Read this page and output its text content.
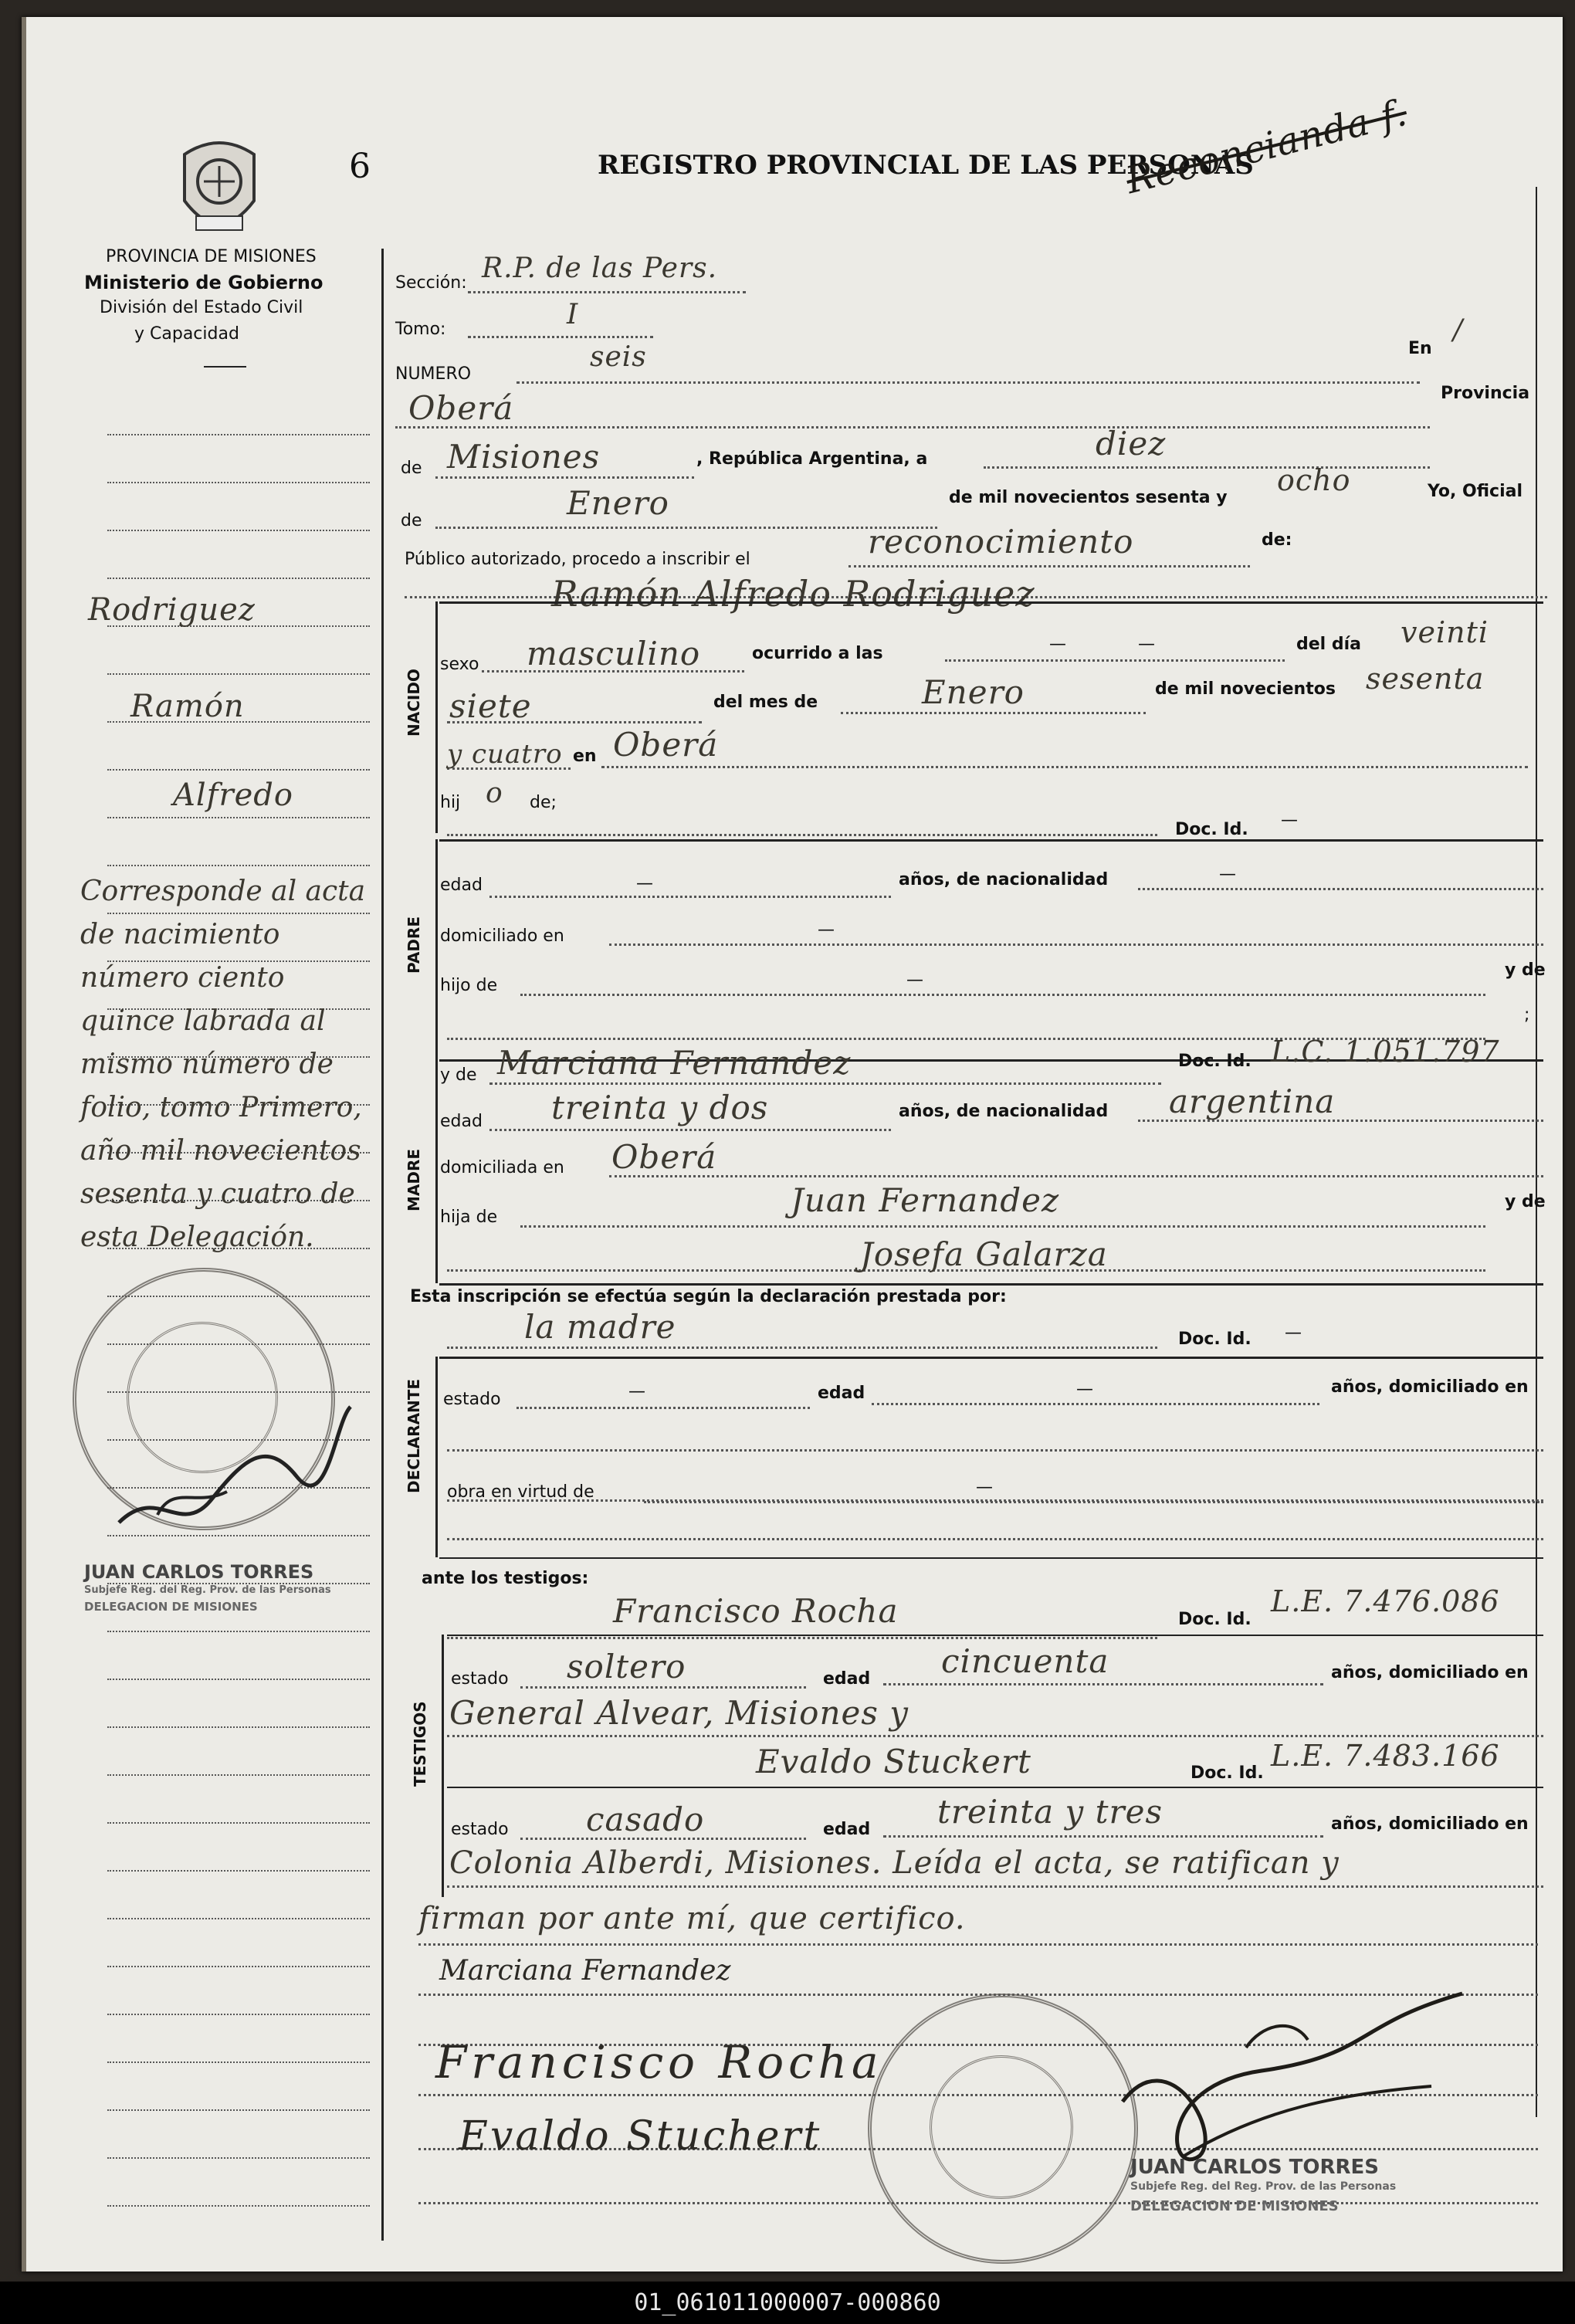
PROVINCIA DE MISIONES
Ministerio de Gobierno
División del Estado Civil
y Capacidad
6	REGISTRO PROVINCIAL DE LAS PERSONAS
Reconcianda f.
Rodriguez
Ramón
Alfredo
Corresponde al acta de nacimiento número ciento quince labrada al mismo número de folio, tomo Primero, año mil novecientos sesenta y cuatro de esta Delegación.
JUAN CARLOS TORRES
Subjefe Reg. del Reg. Prov. de las Personas
DELEGACION DE MISIONES
Sección: R.P. de las Pers.
Tomo:	I
NUMERO
seis	En
/
Provincia
Oberá
de Misiones	, República Argentina, a	diez
de	Enero	de mil novecientos sesenta y
ocho	Yo, Oficial
Público autorizado, procedo a inscribir el	reconocimiento	de:
Ramón Alfredo Rodriguez
NACIDO
sexo masculino	ocurrido a las	—	—	del día veinti
siete	del mes de	Enero	de mil novecientos sesenta
y cuatro en Oberá
hij o de;
Doc. Id. —
PADRE
edad	—	años, de nacionalidad	—
domiciliado en	—
hijo de	—
y de
;
MADRE
y de Marciana Fernandez	Doc. Id. L.C. 1.051.797
edad treinta y dos	años, de nacionalidad argentina
domiciliada en Oberá
hija de	Juan Fernandez	y de
Josefa Galarza
Esta inscripción se efectúa según la declaración prestada por:
la madre	Doc. Id. —
DECLARANTE estado	—	edad	—	años, domiciliado en
obra en virtud de	—
ante los testigos:
Francisco Rocha	Doc. Id.
L.E. 7.476.086
TESTIGOS
estado soltero	edad cincuenta	años, domiciliado en
General Alvear, Misiones y
Evaldo Stuckert	Doc. Id.
L.E. 7.483.166
estado casado	edad treinta y tres	años, domiciliado en
Colonia Alberdi, Misiones. Leída el acta, se ratifican y
firman por ante mí, que certifico.
Marciana Fernandez
Francisco Rocha
Evaldo Stuchert
JUAN CARLOS TORRES
Subjefe Reg. del Reg. Prov. de las Personas
DELEGACION DE MISIONES
01_061011000007-000860
